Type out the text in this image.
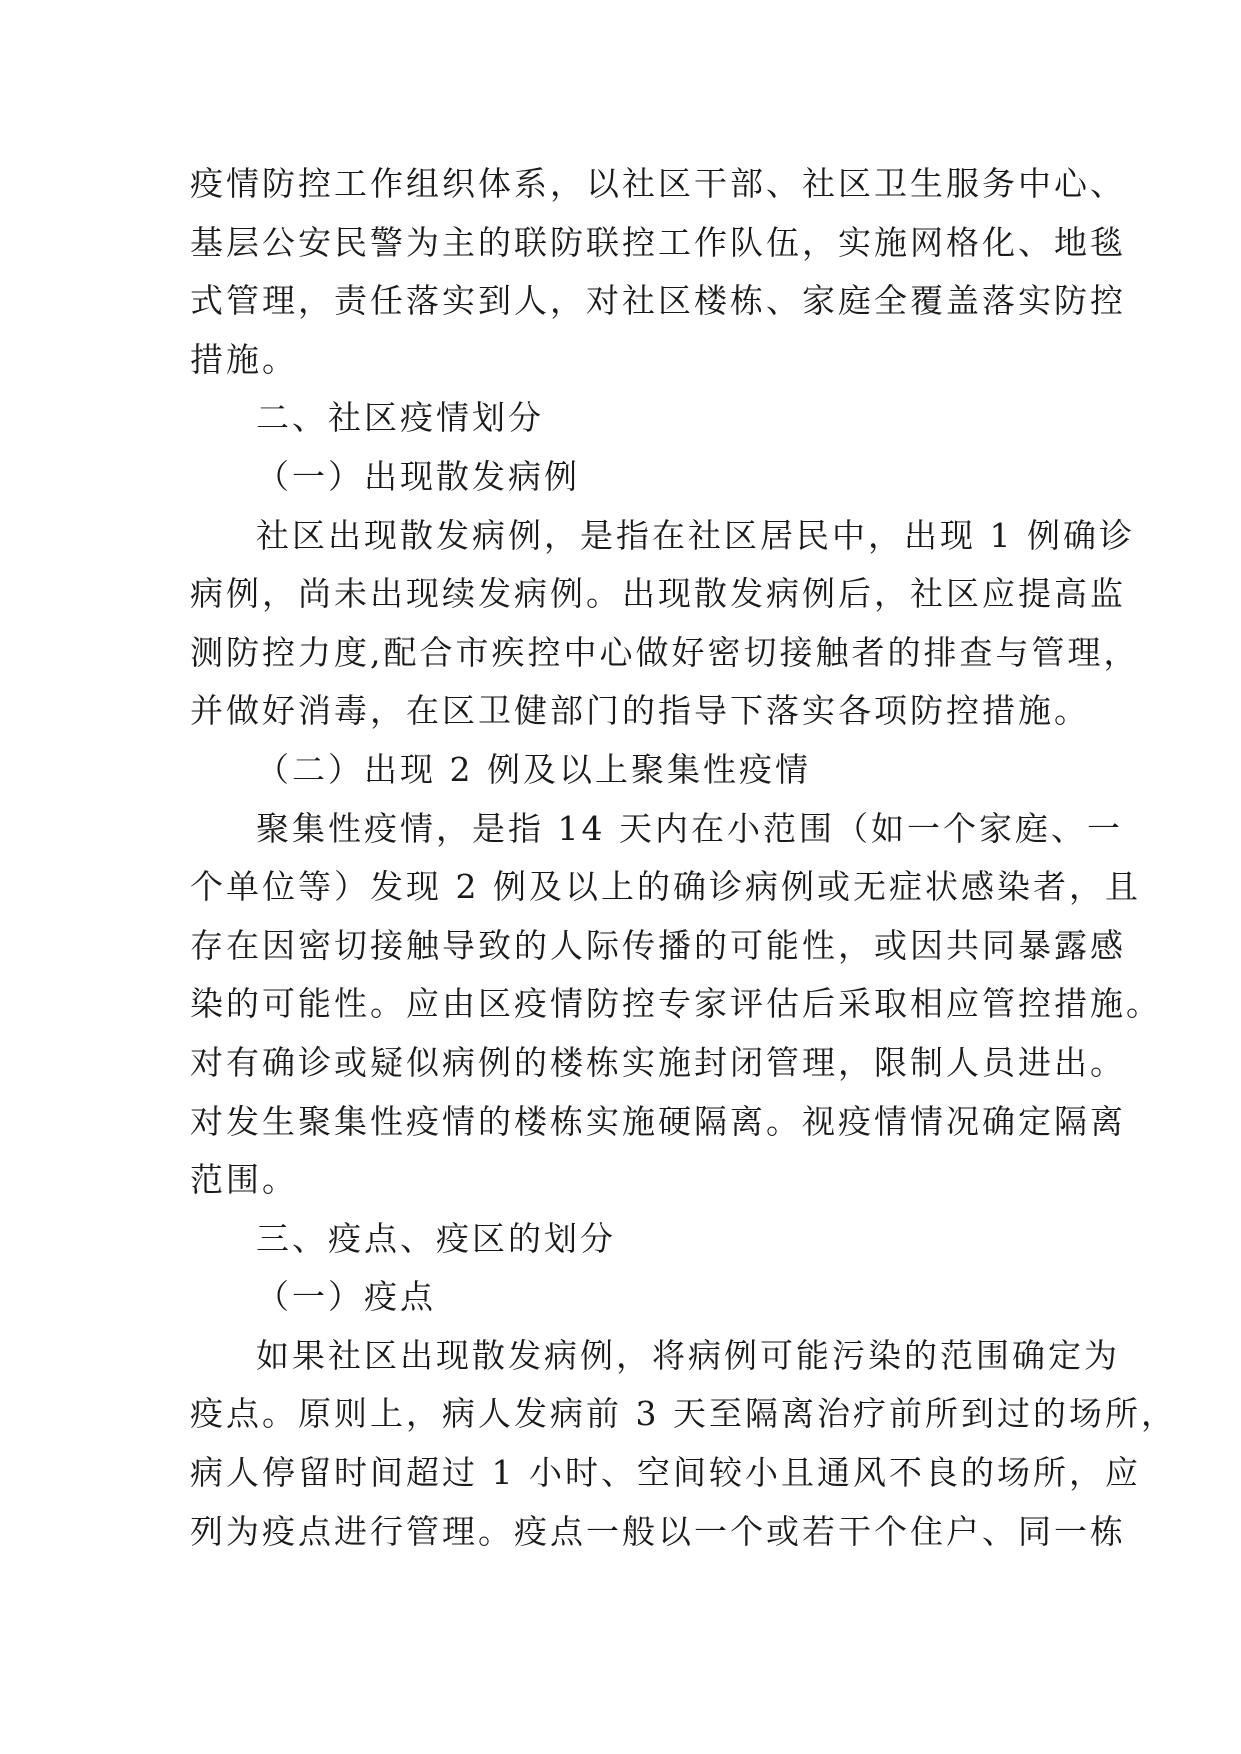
疫情防控工作组织体系，以社区干部、社区卫生服务中心、
基层公安民警为主的联防联控工作队伍，实施网格化、地毯
式管理，责任落实到人，对社区楼栋、家庭全覆盖落实防控
措施。
二、社区疫情划分
（一）出现散发病例
社区出现散发病例，是指在社区居民中，出现 1 例确诊
病例，尚未出现续发病例。出现散发病例后，社区应提高监
测防控力度,配合市疾控中心做好密切接触者的排查与管理，
并做好消毒，在区卫健部门的指导下落实各项防控措施。
（二）出现 2 例及以上聚集性疫情
聚集性疫情，是指 14 天内在小范围（如一个家庭、一
个单位等）发现 2 例及以上的确诊病例或无症状感染者，且
存在因密切接触导致的人际传播的可能性，或因共同暴露感
染的可能性。应由区疫情防控专家评估后采取相应管控措施。
对有确诊或疑似病例的楼栋实施封闭管理，限制人员进出。
对发生聚集性疫情的楼栋实施硬隔离。视疫情情况确定隔离
范围。
三、疫点、疫区的划分
（一）疫点
如果社区出现散发病例，将病例可能污染的范围确定为
疫点。原则上，病人发病前 3 天至隔离治疗前所到过的场所，
病人停留时间超过 1 小时、空间较小且通风不良的场所，应
列为疫点进行管理。疫点一般以一个或若干个住户、同一栋
